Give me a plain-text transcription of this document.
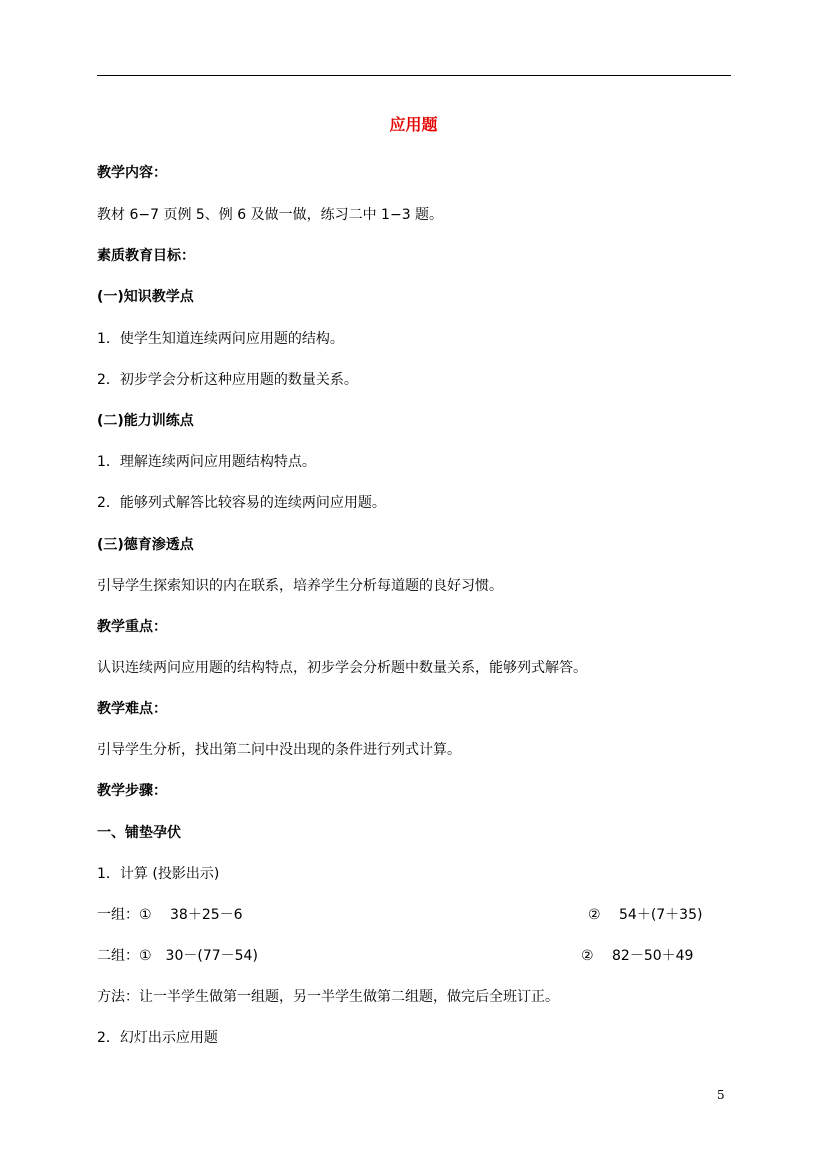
应用题
教学内容：
教材 6−7 页例 5、例 6 及做一做，练习二中 1−3 题。
素质教育目标：
(一)知识教学点
1．使学生知道连续两问应用题的结构。
2．初步学会分析这种应用题的数量关系。
(二)能力训练点
1．理解连续两问应用题结构特点。
2．能够列式解答比较容易的连续两问应用题。
(三)德育渗透点
引导学生探索知识的内在联系，培养学生分析每道题的良好习惯。
教学重点：
认识连续两问应用题的结构特点，初步学会分析题中数量关系，能够列式解答。
教学难点：
引导学生分析，找出第二问中没出现的条件进行列式计算。
教学步骤：
一、铺垫孕伏
1．计算 (投影出示)
一组：①　 38＋25－6	②　 54＋(7＋35)
二组：①　30－(77－54)	②　 82－50＋49
方法：让一半学生做第一组题，另一半学生做第二组题，做完后全班订正。
2．幻灯出示应用题
5
